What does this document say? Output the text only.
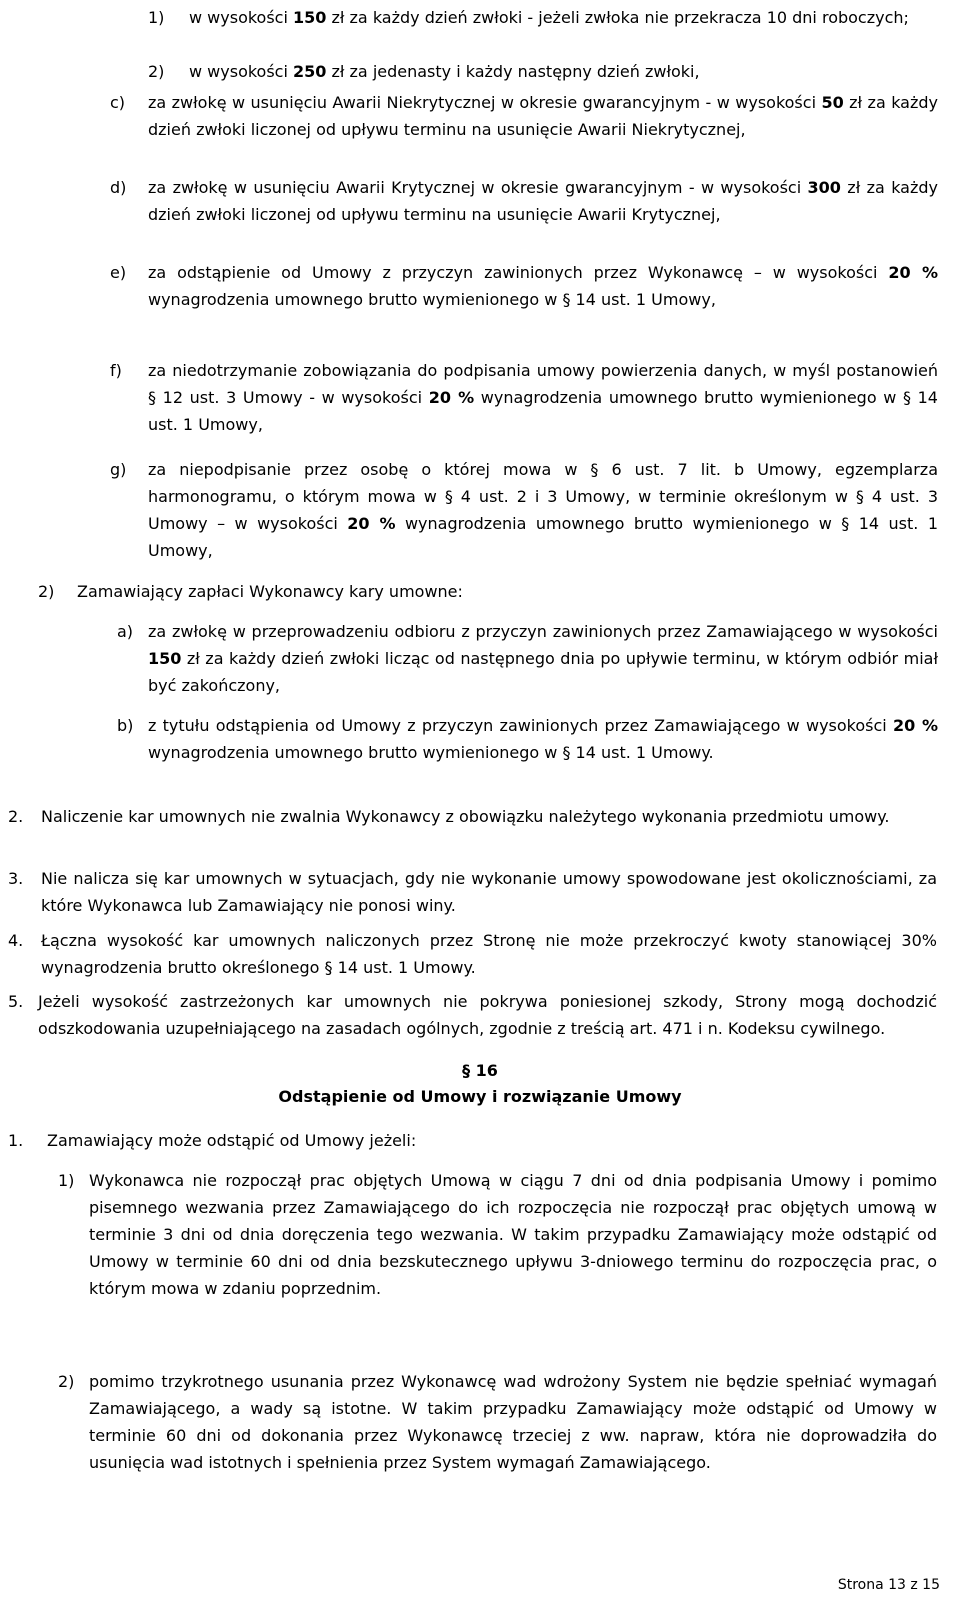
1) w wysokości 150 zł za każdy dzień zwłoki - jeżeli zwłoka nie przekracza 10 dni roboczych;
2) w wysokości 250 zł za jedenasty i każdy następny dzień zwłoki,
c) za zwłokę w usunięciu Awarii Niekrytycznej w okresie gwarancyjnym - w wysokości 50 zł za każdy dzień zwłoki liczonej od upływu terminu na usunięcie Awarii Niekrytycznej,
d) za zwłokę w usunięciu Awarii Krytycznej w okresie gwarancyjnym - w wysokości 300 zł za każdy dzień zwłoki liczonej od upływu terminu na usunięcie Awarii Krytycznej,
e) za odstąpienie od Umowy z przyczyn zawinionych przez Wykonawcę – w wysokości 20 % wynagrodzenia umownego brutto wymienionego w § 14 ust. 1 Umowy,
f) za niedotrzymanie zobowiązania do podpisania umowy powierzenia danych, w myśl postanowień § 12 ust. 3 Umowy - w wysokości 20 % wynagrodzenia umownego brutto wymienionego w § 14 ust. 1 Umowy,
g) za niepodpisanie przez osobę o której mowa w § 6 ust. 7 lit. b Umowy, egzemplarza harmonogramu, o którym mowa w § 4 ust. 2 i 3 Umowy, w terminie określonym w § 4 ust. 3 Umowy – w wysokości 20 % wynagrodzenia umownego brutto wymienionego w § 14 ust. 1 Umowy,
2) Zamawiający zapłaci Wykonawcy kary umowne:
a) za zwłokę w przeprowadzeniu odbioru z przyczyn zawinionych przez Zamawiającego w wysokości 150 zł za każdy dzień zwłoki licząc od następnego dnia po upływie terminu, w którym odbiór miał być zakończony,
b) z tytułu odstąpienia od Umowy z przyczyn zawinionych przez Zamawiającego w wysokości 20 % wynagrodzenia umownego brutto wymienionego w § 14 ust. 1 Umowy.
2. Naliczenie kar umownych nie zwalnia Wykonawcy z obowiązku należytego wykonania przedmiotu umowy.
3. Nie nalicza się kar umownych w sytuacjach, gdy nie wykonanie umowy spowodowane jest okolicznościami, za które Wykonawca lub Zamawiający nie ponosi winy.
4. Łączna wysokość kar umownych naliczonych przez Stronę nie może przekroczyć kwoty stanowiącej 30% wynagrodzenia brutto określonego § 14 ust. 1 Umowy.
5. Jeżeli wysokość zastrzeżonych kar umownych nie pokrywa poniesionej szkody, Strony mogą dochodzić odszkodowania uzupełniającego na zasadach ogólnych, zgodnie z treścią art. 471 i n. Kodeksu cywilnego.
§ 16
Odstąpienie od Umowy i rozwiązanie Umowy
1. Zamawiający może odstąpić od Umowy jeżeli:
1) Wykonawca nie rozpoczął prac objętych Umową w ciągu 7 dni od dnia podpisania Umowy i pomimo pisemnego wezwania przez Zamawiającego do ich rozpoczęcia nie rozpoczął prac objętych umową w terminie 3 dni od dnia doręczenia tego wezwania. W takim przypadku Zamawiający może odstąpić od Umowy w terminie 60 dni od dnia bezskutecznego upływu 3-dniowego terminu do rozpoczęcia prac, o którym mowa w zdaniu poprzednim.
2) pomimo trzykrotnego usunania przez Wykonawcę wad wdrożony System nie będzie spełniać wymagań Zamawiającego, a wady są istotne. W takim przypadku Zamawiający może odstąpić od Umowy w terminie 60 dni od dokonania przez Wykonawcę trzeciej z ww. napraw, która nie doprowadziła do usunięcia wad istotnych i spełnienia przez System wymagań Zamawiającego.
Strona 13 z 15
